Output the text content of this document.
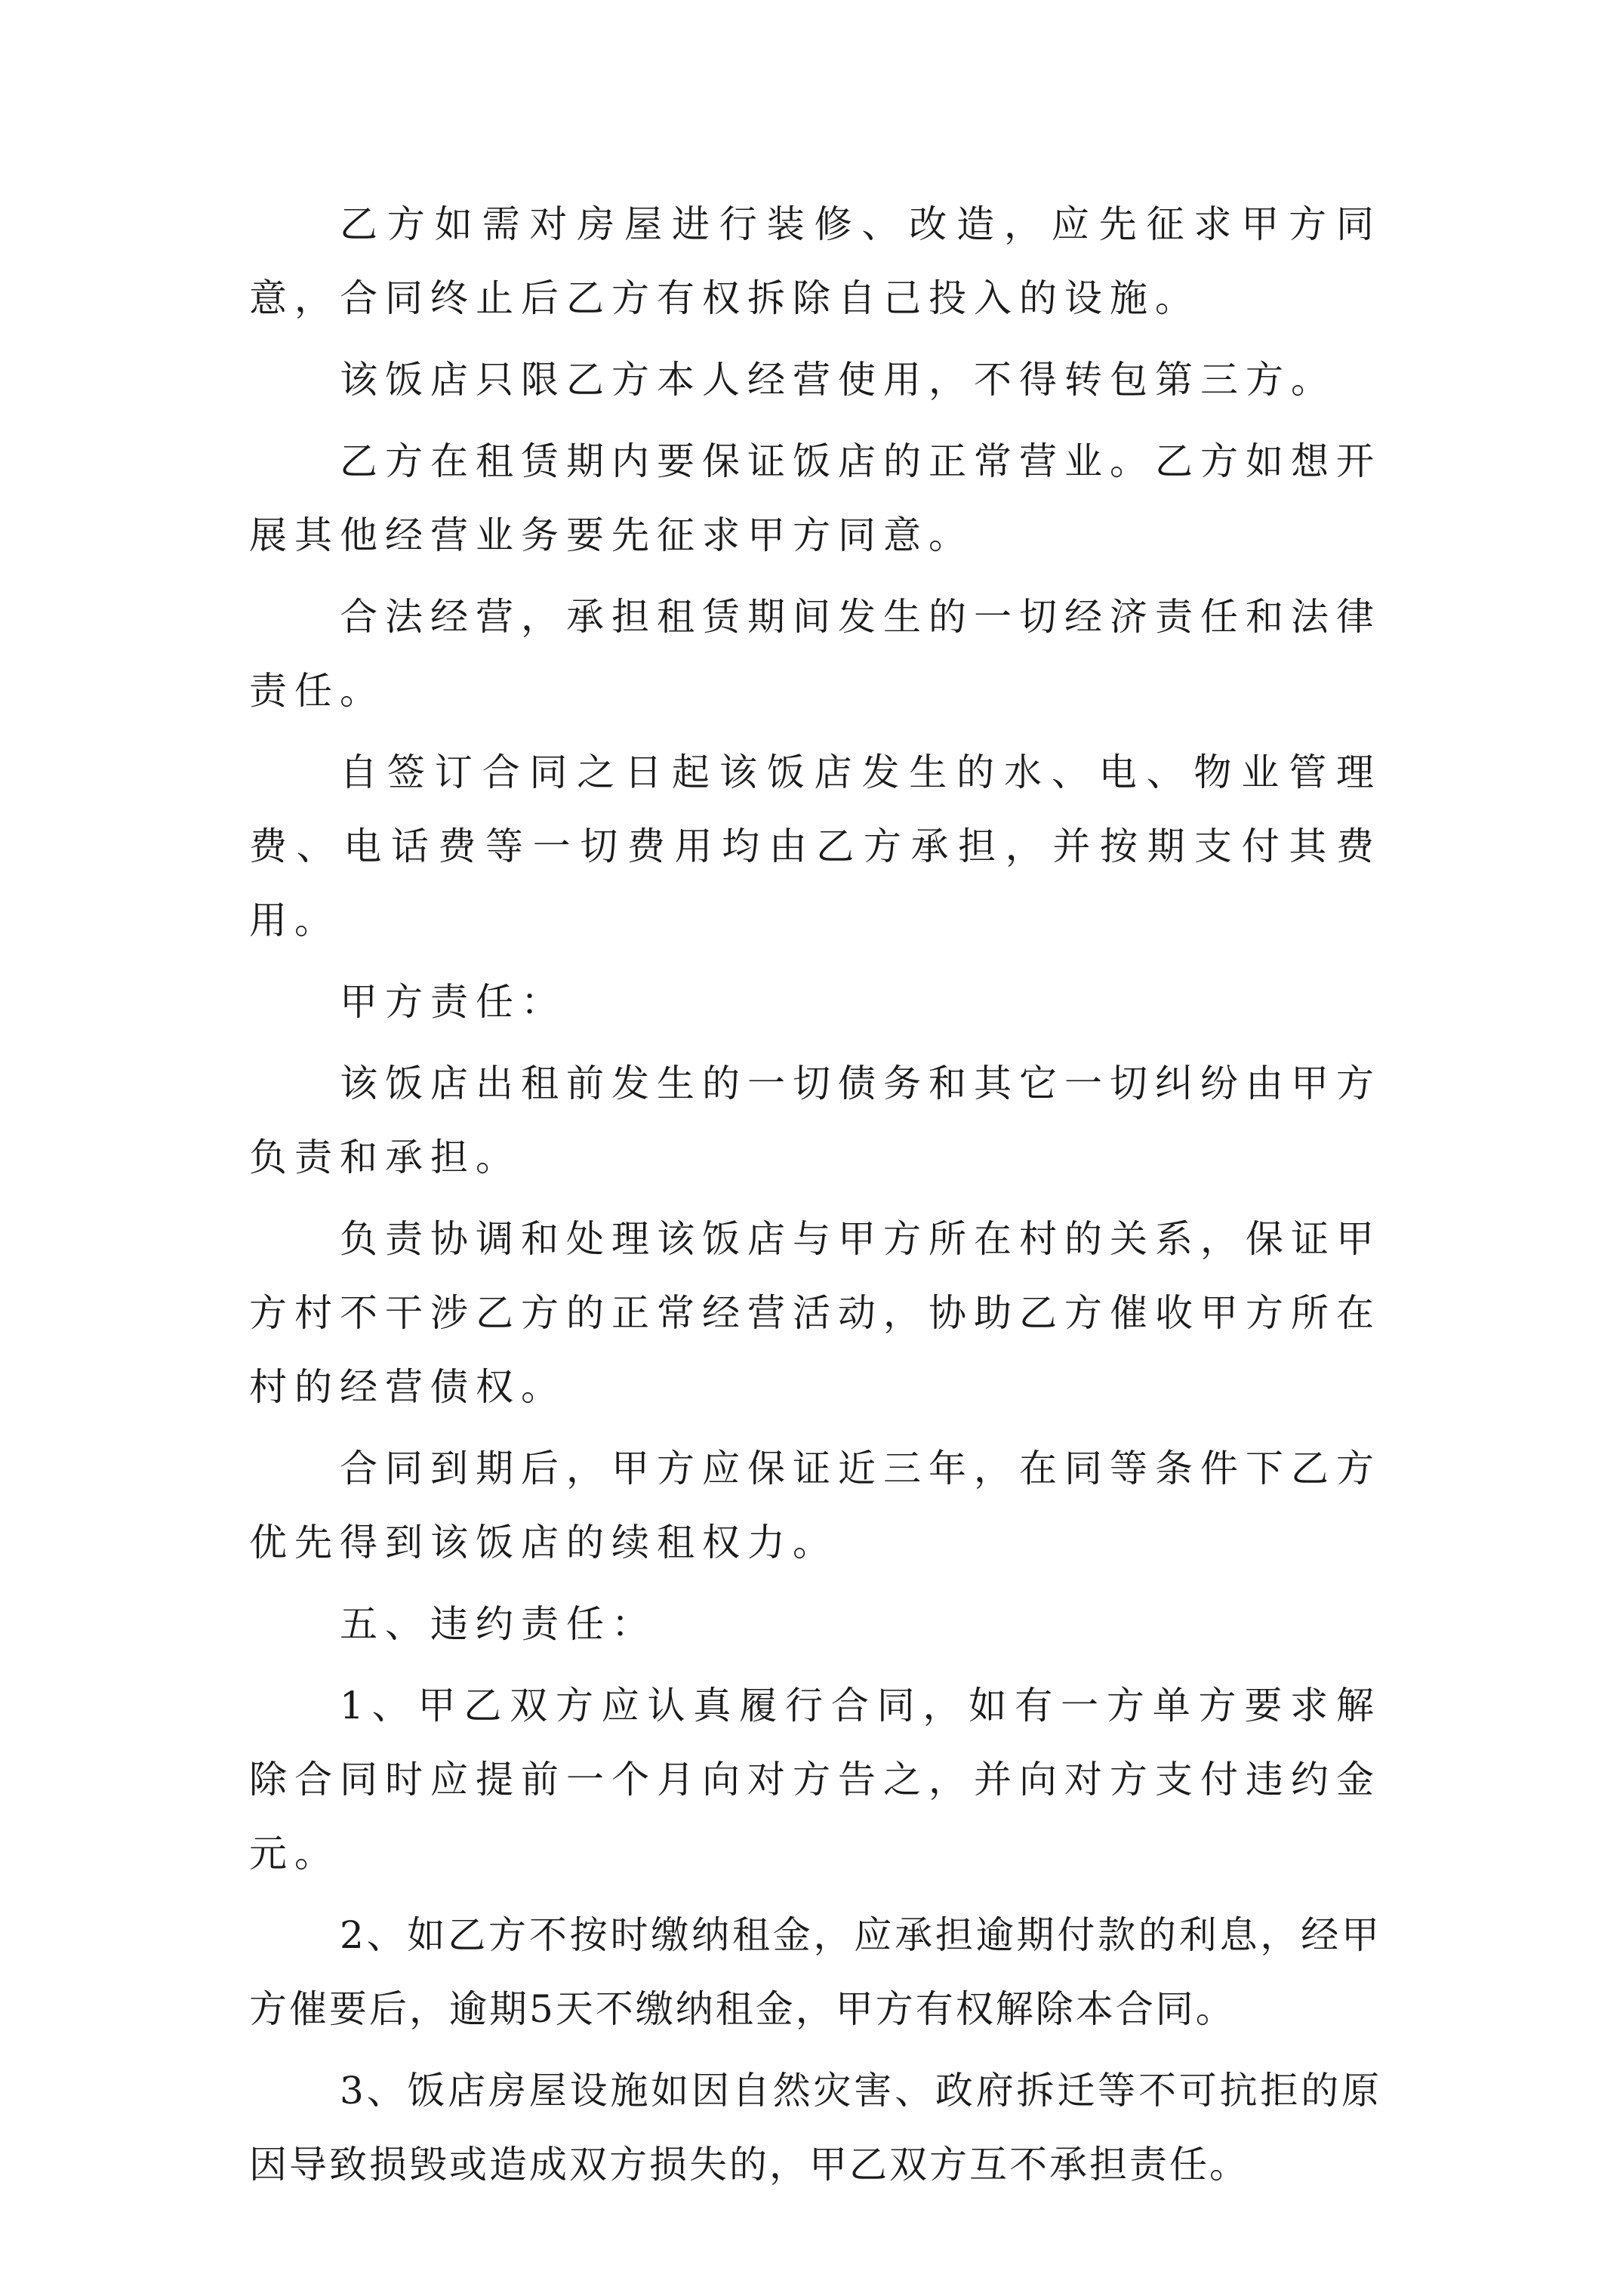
乙方如需对房屋进行装修、改造，应先征求甲方同意，合同终止后乙方有权拆除自己投入的设施。

该饭店只限乙方本人经营使用，不得转包第三方。

乙方在租赁期内要保证饭店的正常营业。乙方如想开展其他经营业务要先征求甲方同意。

合法经营，承担租赁期间发生的一切经济责任和法律责任。

自签订合同之日起该饭店发生的水、电、物业管理费、电话费等一切费用均由乙方承担，并按期支付其费用。

甲方责任：

该饭店出租前发生的一切债务和其它一切纠纷由甲方负责和承担。

负责协调和处理该饭店与甲方所在村的关系，保证甲方村不干涉乙方的正常经营活动，协助乙方催收甲方所在村的经营债权。

合同到期后，甲方应保证近三年，在同等条件下乙方优先得到该饭店的续租权力。

五、违约责任：

1、甲乙双方应认真履行合同，如有一方单方要求解除合同时应提前一个月向对方告之，并向对方支付违约金元。

2、如乙方不按时缴纳租金，应承担逾期付款的利息，经甲方催要后，逾期5天不缴纳租金，甲方有权解除本合同。

3、饭店房屋设施如因自然灾害、政府拆迁等不可抗拒的原因导致损毁或造成双方损失的，甲乙双方互不承担责任。
